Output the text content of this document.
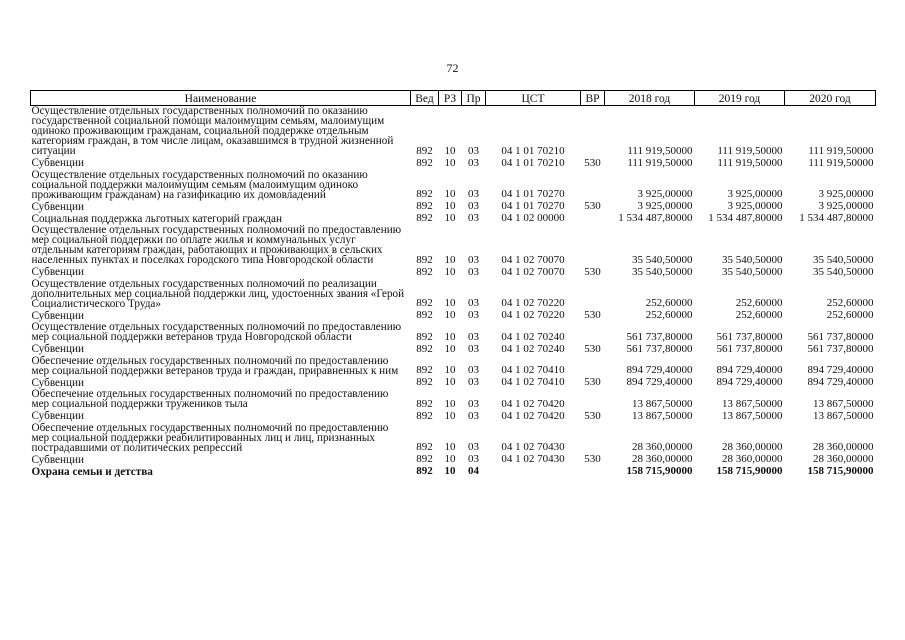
72
Наименование	Вед	РЗ	Пр	ЦСТ	ВР	2018 год	2019 год	2020 год
Осуществление отдельных государственных полномочий по оказанию государственной социальной помощи малоимущим семьям, малоимущим одиноко проживающим гражданам, социальной поддержке отдельным категориям граждан, в том числе лицам, оказавшимся в трудной жизненной ситуации	892	10	03	04 1 01 70210		111 919,50000	111 919,50000	111 919,50000
Субвенции	892	10	03	04 1 01 70210	530	111 919,50000	111 919,50000	111 919,50000
Осуществление отдельных государственных полномочий по оказанию социальной поддержки малоимущим семьям (малоимущим одиноко проживающим гражданам) на газификацию их домовладений	892	10	03	04 1 01 70270		3 925,00000	3 925,00000	3 925,00000
Субвенции	892	10	03	04 1 01 70270	530	3 925,00000	3 925,00000	3 925,00000
Социальная поддержка льготных категорий граждан	892	10	03	04 1 02 00000		1 534 487,80000	1 534 487,80000	1 534 487,80000
Осуществление отдельных государственных полномочий по предоставлению мер социальной поддержки по оплате жилья и коммунальных услуг отдельным категориям граждан, работающих и проживающих в сельских населенных пунктах и поселках городского типа Новгородской области	892	10	03	04 1 02 70070		35 540,50000	35 540,50000	35 540,50000
Субвенции	892	10	03	04 1 02 70070	530	35 540,50000	35 540,50000	35 540,50000
Осуществление отдельных государственных полномочий по реализации дополнительных мер социальной поддержки лиц, удостоенных звания «Герой Социалистического Труда»	892	10	03	04 1 02 70220		252,60000	252,60000	252,60000
Субвенции	892	10	03	04 1 02 70220	530	252,60000	252,60000	252,60000
Осуществление отдельных государственных полномочий по предоставлению мер социальной поддержки ветеранов труда Новгородской области	892	10	03	04 1 02 70240		561 737,80000	561 737,80000	561 737,80000
Субвенции	892	10	03	04 1 02 70240	530	561 737,80000	561 737,80000	561 737,80000
Обеспечение отдельных государственных полномочий по предоставлению мер социальной поддержки ветеранов труда и граждан, приравненных к ним	892	10	03	04 1 02 70410		894 729,40000	894 729,40000	894 729,40000
Субвенции	892	10	03	04 1 02 70410	530	894 729,40000	894 729,40000	894 729,40000
Обеспечение отдельных государственных полномочий по предоставлению мер социальной поддержки тружеников тыла	892	10	03	04 1 02 70420		13 867,50000	13 867,50000	13 867,50000
Субвенции	892	10	03	04 1 02 70420	530	13 867,50000	13 867,50000	13 867,50000
Обеспечение отдельных государственных полномочий по предоставлению мер социальной поддержки реабилитированных лиц и лиц, признанных пострадавшими от политических репрессий	892	10	03	04 1 02 70430		28 360,00000	28 360,00000	28 360,00000
Субвенции	892	10	03	04 1 02 70430	530	28 360,00000	28 360,00000	28 360,00000
Охрана семьи и детства	892	10	04			158 715,90000	158 715,90000	158 715,90000
